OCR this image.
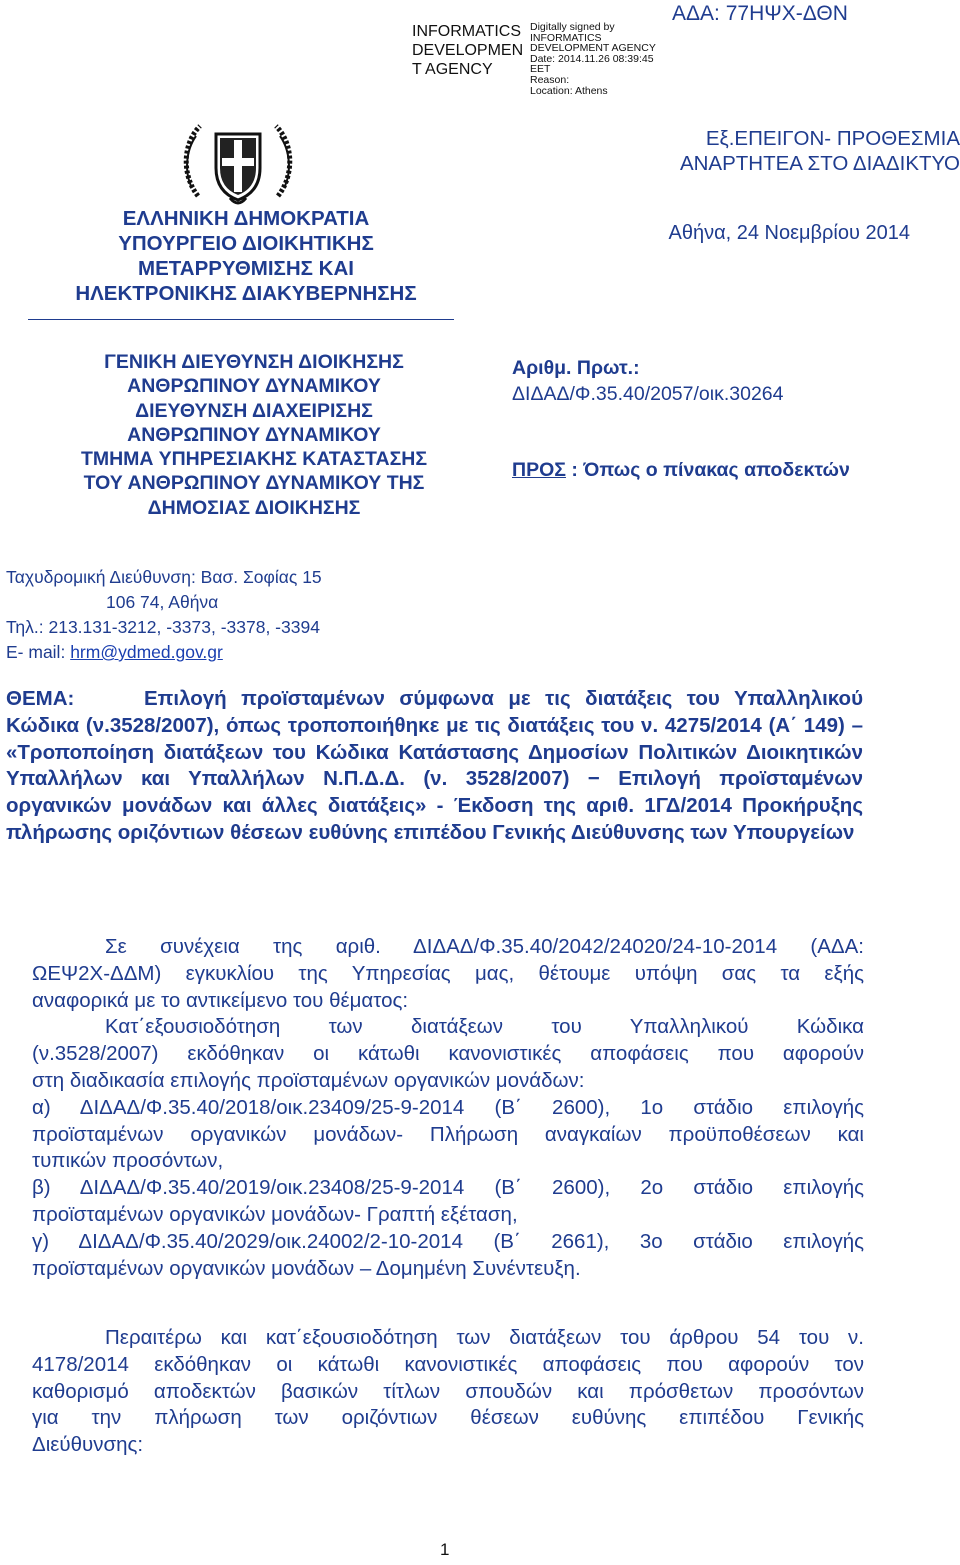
INFORMATICS
DEVELOPMEN
T AGENCY
Digitally signed by
INFORMATICS
DEVELOPMENT AGENCY
Date: 2014.11.26 08:39:45
EET
Reason:
Location: Athens
ΑΔΑ: 77ΗΨΧ-ΔΘΝ
ΕΛΛΗΝΙΚΗ ΔΗΜΟΚΡΑΤΙΑ
ΥΠΟΥΡΓΕΙΟ ΔΙΟΙΚΗΤΙΚΗΣ
ΜΕΤΑΡΡΥΘΜΙΣΗΣ ΚΑΙ
ΗΛΕΚΤΡΟΝΙΚΗΣ ΔΙΑΚΥΒΕΡΝΗΣΗΣ
ΓΕΝΙΚΗ ΔΙΕΥΘΥΝΣΗ ΔΙΟΙΚΗΣΗΣ
ΑΝΘΡΩΠΙΝΟΥ ΔΥΝΑΜΙΚΟΥ
ΔΙΕΥΘΥΝΣΗ ΔΙΑΧΕΙΡΙΣΗΣ
ΑΝΘΡΩΠΙΝΟΥ ΔΥΝΑΜΙΚΟΥ
ΤΜΗΜΑ ΥΠΗΡΕΣΙΑΚΗΣ ΚΑΤΑΣΤΑΣΗΣ
ΤΟΥ ΑΝΘΡΩΠΙΝΟΥ ΔΥΝΑΜΙΚΟΥ ΤΗΣ
ΔΗΜΟΣΙΑΣ ΔΙΟΙΚΗΣΗΣ
Εξ.ΕΠΕΙΓΟΝ- ΠΡΟΘΕΣΜΙΑ
ΑΝΑΡΤΗΤΕΑ ΣΤΟ ΔΙΑΔΙΚΤΥΟ
Αθήνα, 24 Νοεμβρίου 2014
Αριθμ. Πρωτ.:
ΔΙΔΑΔ/Φ.35.40/2057/οικ.30264
ΠΡΟΣ : Όπως ο πίνακας αποδεκτών
Ταχυδρομική Διεύθυνση: Βασ. Σοφίας 15
106 74, Αθήνα
Τηλ.: 213.131-3212, -3373, -3378, -3394
E- mail: hrm@ydmed.gov.gr
ΘΕΜΑ:	Επιλογή προϊσταμένων σύμφωνα με τις διατάξεις του Υπαλληλικού Κώδικα (ν.3528/2007), όπως τροποποιήθηκε με τις διατάξεις του ν. 4275/2014 (Α΄ 149) – «Τροποποίηση διατάξεων του Κώδικα Κατάστασης Δημοσίων Πολιτικών Διοικητικών Υπαλλήλων και Υπαλλήλων Ν.Π.Δ.Δ. (ν. 3528/2007) − Επιλογή προϊσταμένων οργανικών μονάδων και άλλες διατάξεις» - Έκδοση της αριθ. 1ΓΔ/2014 Προκήρυξης πλήρωσης οριζόντιων θέσεων ευθύνης επιπέδου Γενικής Διεύθυνσης των Υπουργείων
Σε συνέχεια της αριθ. ΔΙΔΑΔ/Φ.35.40/2042/24020/24-10-2014 (ΑΔΑ:
ΩΕΨ2Χ-ΔΔΜ) εγκυκλίου της Υπηρεσίας μας, θέτουμε υπόψη σας τα εξής
αναφορικά με το αντικείμενο του θέματος:
Κατ΄εξουσιοδότηση των διατάξεων του Υπαλληλικού Κώδικα
(ν.3528/2007) εκδόθηκαν οι κάτωθι κανονιστικές αποφάσεις που αφορούν
στη διαδικασία επιλογής προϊσταμένων οργανικών μονάδων:
α) ΔΙΔΑΔ/Φ.35.40/2018/οικ.23409/25-9-2014 (Β΄ 2600), 1ο στάδιο επιλογής
προϊσταμένων οργανικών μονάδων- Πλήρωση αναγκαίων προϋποθέσεων και
τυπικών προσόντων,
β) ΔΙΔΑΔ/Φ.35.40/2019/οικ.23408/25-9-2014 (Β΄ 2600), 2ο στάδιο επιλογής
προϊσταμένων οργανικών μονάδων- Γραπτή εξέταση,
γ) ΔΙΔΑΔ/Φ.35.40/2029/οικ.24002/2-10-2014 (Β΄ 2661), 3ο στάδιο επιλογής
προϊσταμένων οργανικών μονάδων – Δομημένη Συνέντευξη.
Περαιτέρω και κατ΄εξουσιοδότηση των διατάξεων του άρθρου 54 του ν.
4178/2014 εκδόθηκαν οι κάτωθι κανονιστικές αποφάσεις που αφορούν τον
καθορισμό αποδεκτών βασικών τίτλων σπουδών και πρόσθετων προσόντων
για την πλήρωση των οριζόντιων θέσεων ευθύνης επιπέδου Γενικής
Διεύθυνσης:
1
